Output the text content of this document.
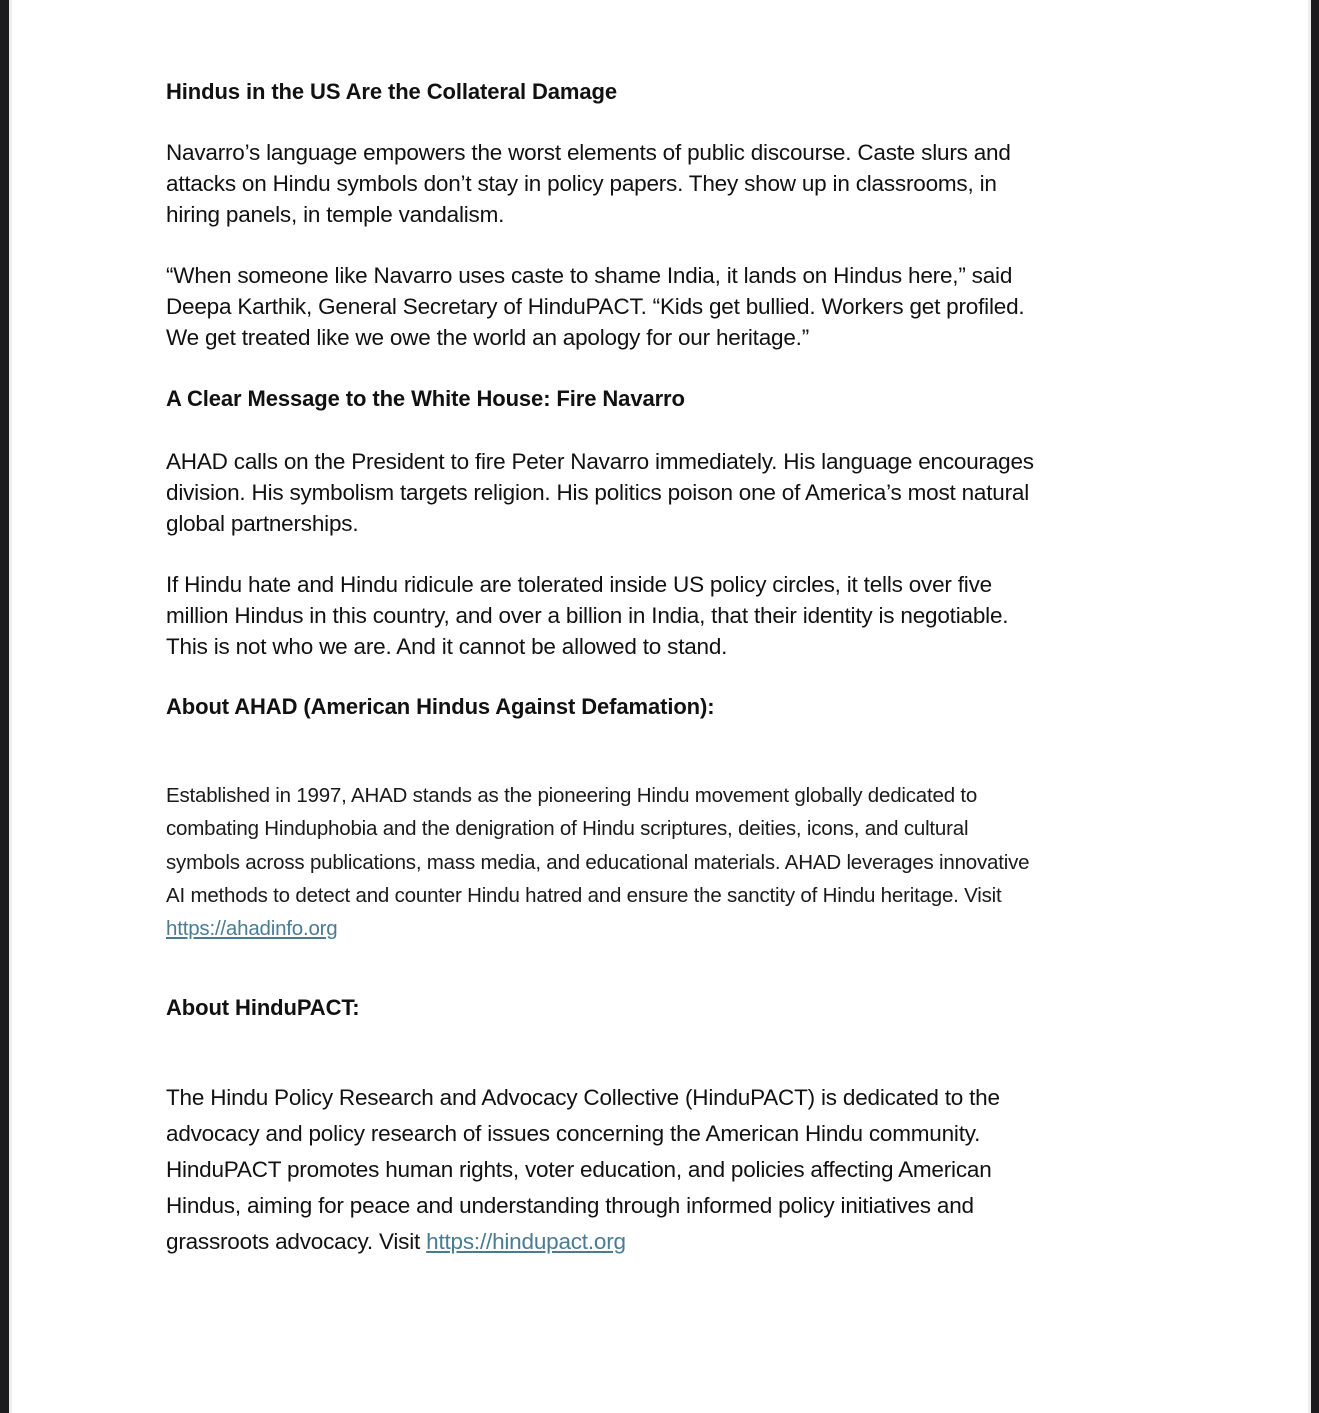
Hindus in the US Are the Collateral Damage
Navarro’s language empowers the worst elements of public discourse. Caste slurs and
attacks on Hindu symbols don’t stay in policy papers. They show up in classrooms, in
hiring panels, in temple vandalism.
“When someone like Navarro uses caste to shame India, it lands on Hindus here,” said
Deepa Karthik, General Secretary of HinduPACT. “Kids get bullied. Workers get profiled.
We get treated like we owe the world an apology for our heritage.”
A Clear Message to the White House: Fire Navarro
AHAD calls on the President to fire Peter Navarro immediately. His language encourages
division. His symbolism targets religion. His politics poison one of America’s most natural
global partnerships.
If Hindu hate and Hindu ridicule are tolerated inside US policy circles, it tells over five
million Hindus in this country, and over a billion in India, that their identity is negotiable.
This is not who we are. And it cannot be allowed to stand.
About AHAD (American Hindus Against Defamation):
Established in 1997, AHAD stands as the pioneering Hindu movement globally dedicated to
combating Hinduphobia and the denigration of Hindu scriptures, deities, icons, and cultural
symbols across publications, mass media, and educational materials. AHAD leverages innovative
AI methods to detect and counter Hindu hatred and ensure the sanctity of Hindu heritage. Visit
https://ahadinfo.org
About HinduPACT:
The Hindu Policy Research and Advocacy Collective (HinduPACT) is dedicated to the
advocacy and policy research of issues concerning the American Hindu community.
HinduPACT promotes human rights, voter education, and policies affecting American
Hindus, aiming for peace and understanding through informed policy initiatives and
grassroots advocacy. Visit https://hindupact.org
